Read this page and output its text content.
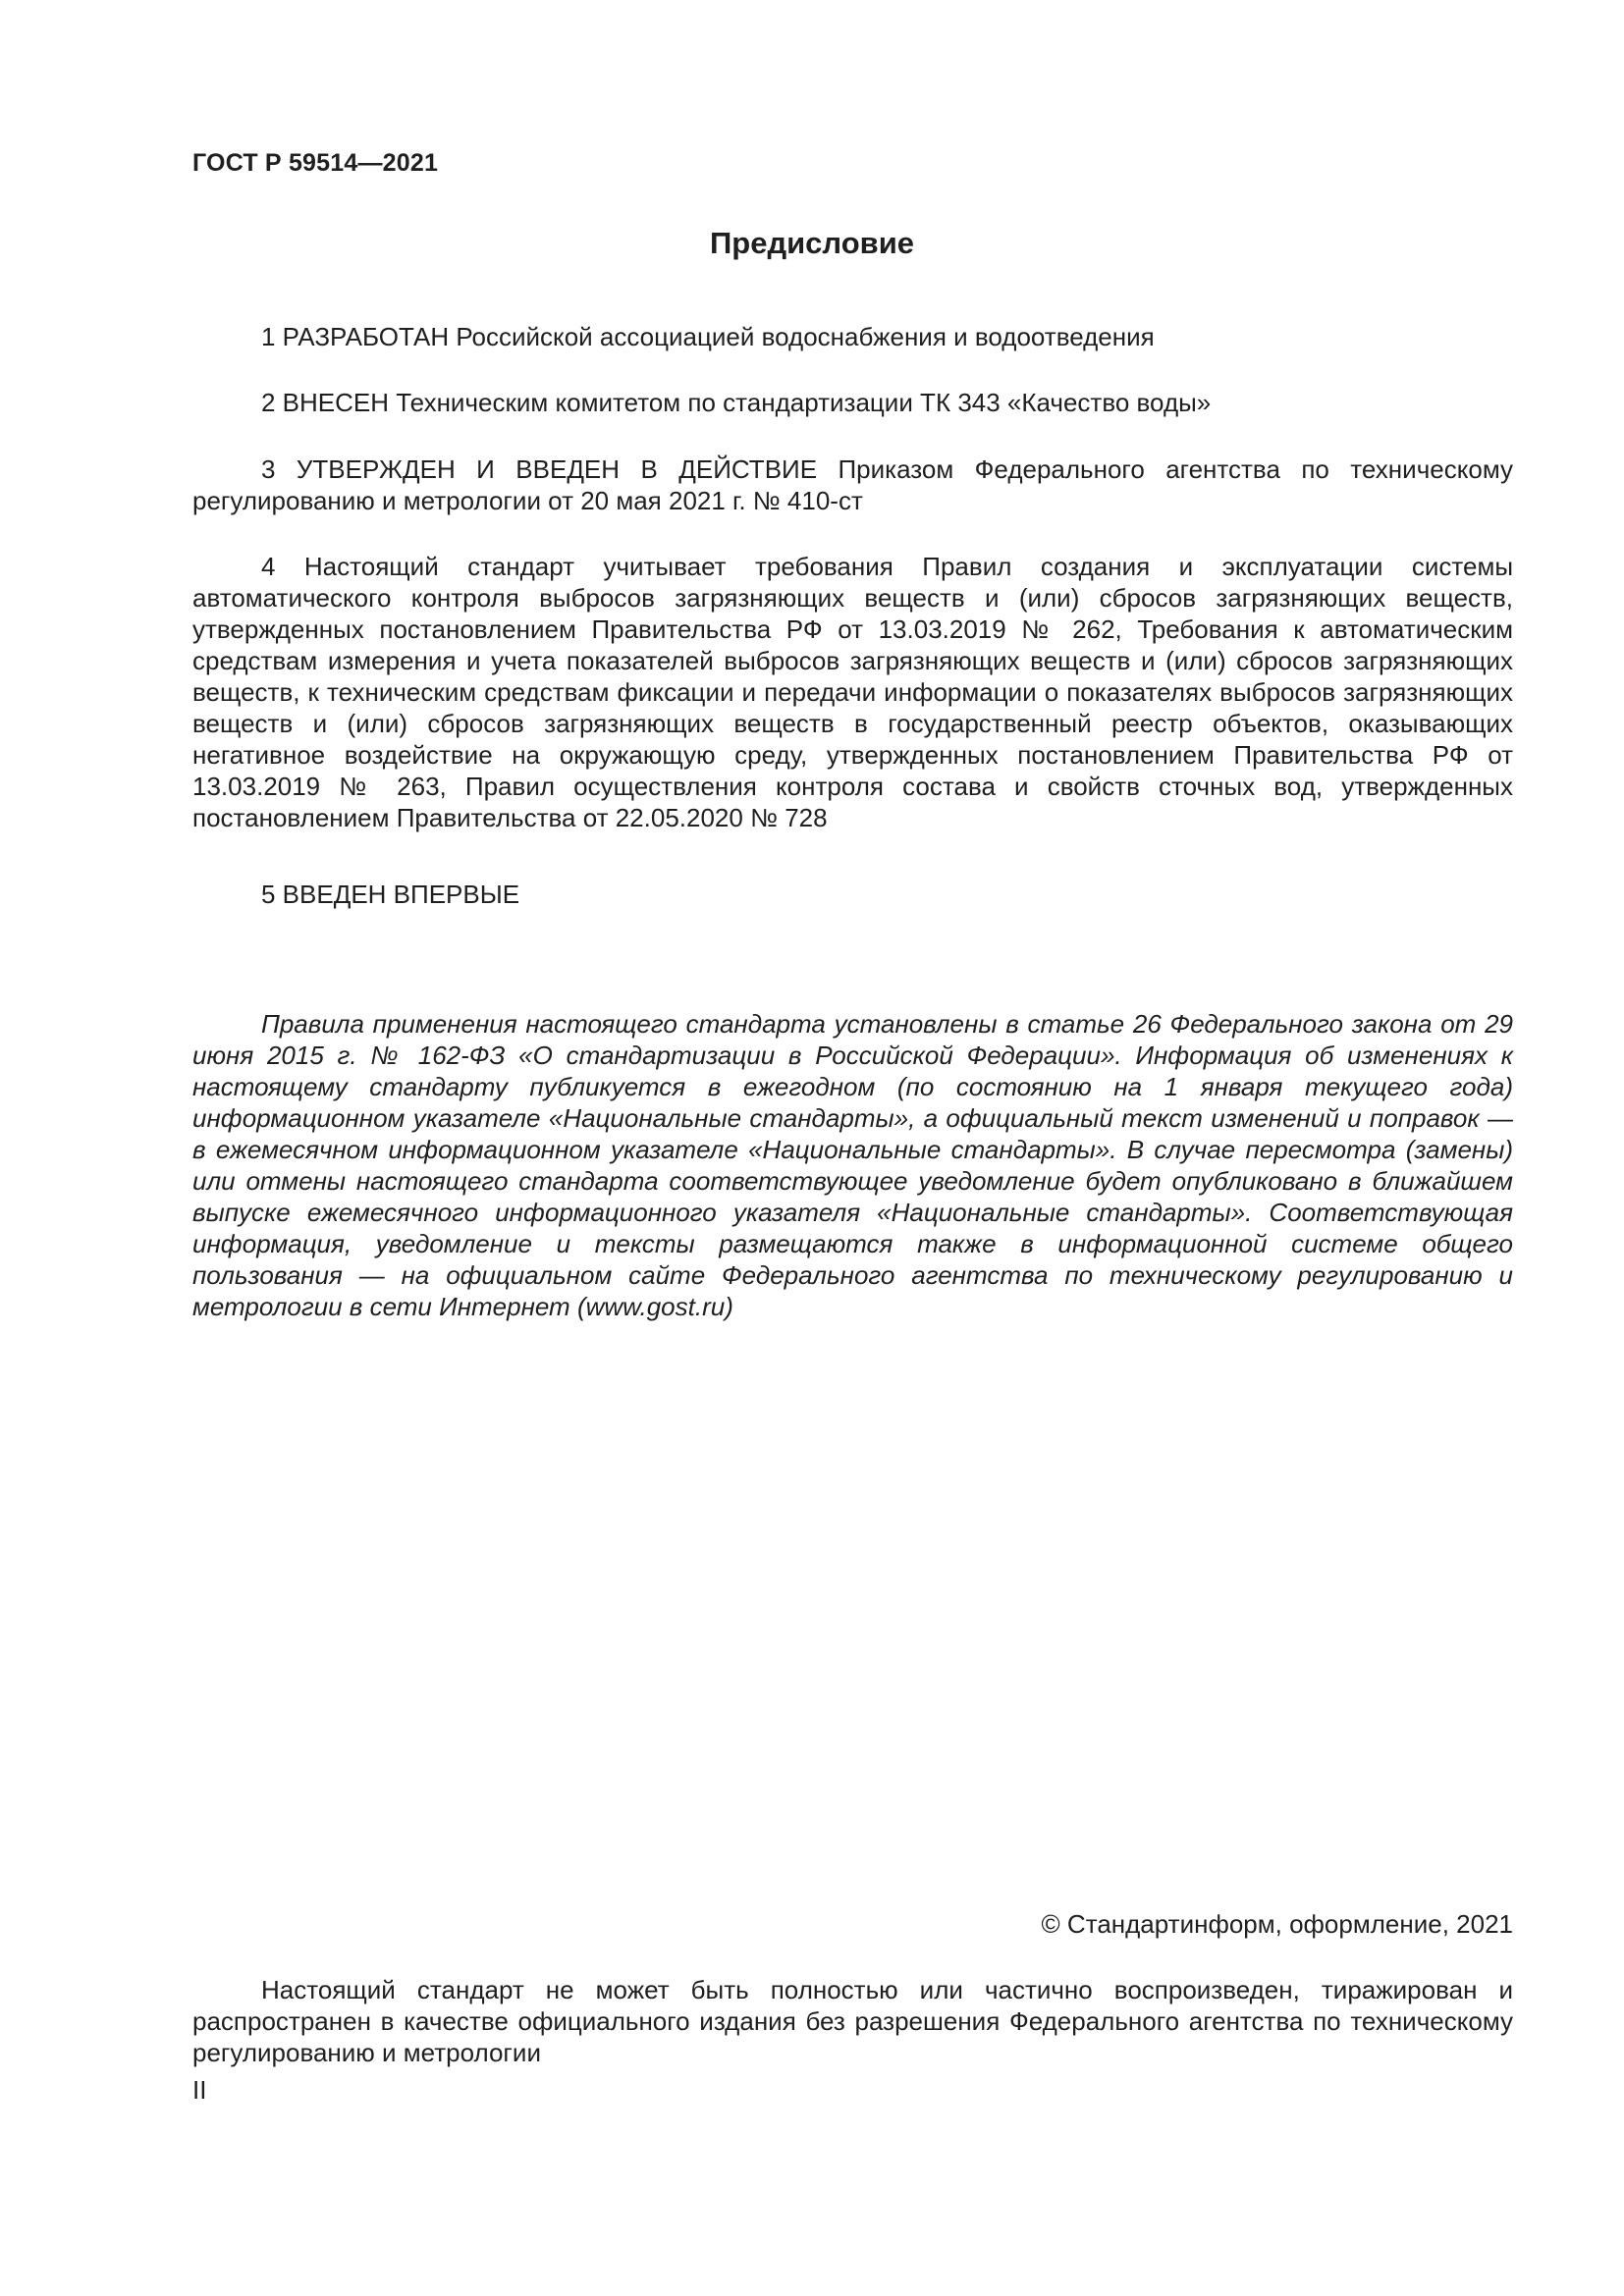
ГОСТ Р 59514—2021
Предисловие

1 РАЗРАБОТАН Российской ассоциацией водоснабжения и водоотведения

2 ВНЕСЕН Техническим комитетом по стандартизации ТК 343 «Качество воды»

3 УТВЕРЖДЕН И ВВЕДЕН В ДЕЙСТВИЕ Приказом Федерального агентства по техническому регулированию и метрологии от 20 мая 2021 г. № 410-ст

4 Настоящий стандарт учитывает требования Правил создания и эксплуатации системы автоматического контроля выбросов загрязняющих веществ и (или) сбросов загрязняющих веществ, утвержденных постановлением Правительства РФ от 13.03.2019 № 262, Требования к автоматическим средствам измерения и учета показателей выбросов загрязняющих веществ и (или) сбросов загрязняющих веществ, к техническим средствам фиксации и передачи информации о показателях выбросов загрязняющих веществ и (или) сбросов загрязняющих веществ в государственный реестр объектов, оказывающих негативное воздействие на окружающую среду, утвержденных постановлением Правительства РФ от 13.03.2019 № 263, Правил осуществления контроля состава и свойств сточных вод, утвержденных постановлением Правительства от 22.05.2020 № 728

5 ВВЕДЕН ВПЕРВЫЕ

Правила применения настоящего стандарта установлены в статье 26 Федерального закона от 29 июня 2015 г. № 162-ФЗ «О стандартизации в Российской Федерации». Информация об изменениях к настоящему стандарту публикуется в ежегодном (по состоянию на 1 января текущего года) информационном указателе «Национальные стандарты», а официальный текст изменений и поправок — в ежемесячном информационном указателе «Национальные стандарты». В случае пересмотра (замены) или отмены настоящего стандарта соответствующее уведомление будет опубликовано в ближайшем выпуске ежемесячного информационного указателя «Национальные стандарты». Соответствующая информация, уведомление и тексты размещаются также в информационной системе общего пользования — на официальном сайте Федерального агентства по техническому регулированию и метрологии в сети Интернет (www.gost.ru)

© Стандартинформ, оформление, 2021

Настоящий стандарт не может быть полностью или частично воспроизведен, тиражирован и распространен в качестве официального издания без разрешения Федерального агентства по техническому регулированию и метрологии

II
